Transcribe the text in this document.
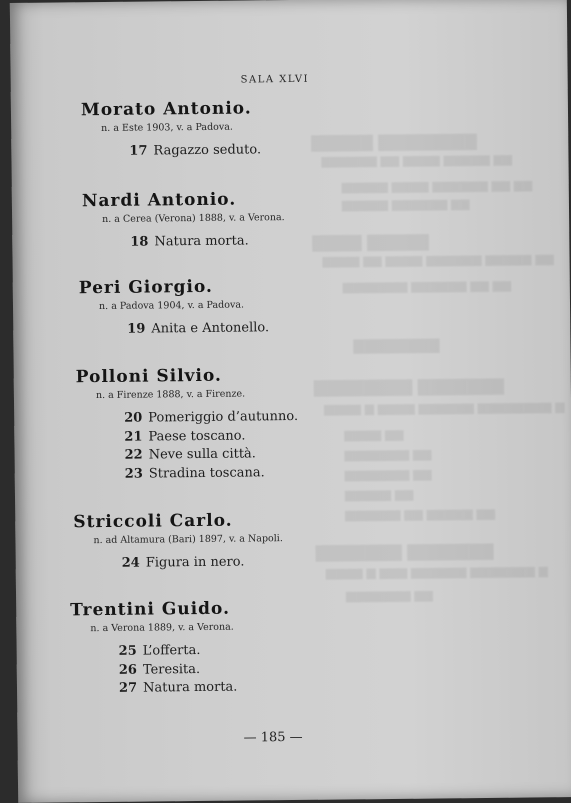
▇▇▇▇▇▇▇▇ ▇▇▇▇▇
▆▆ ▆▆▆▆▆ ▆▆▆▆ ▆▆ ▆▆▆▆▆▆
▆▆ ▆▆ ▆▆▆▆▆▆ ▆▆▆▆ ▆▆▆▆▆
▆▆ ▆▆▆▆▆▆ ▆▆▆▆▆
▇▇▇▇▇ ▇▇▇▇
▆▆ ▆▆▆▆▆ ▆▆▆▆▆▆ ▆▆▆▆ ▆▆ ▆▆▆▆
▆▆ ▆▆ ▆▆▆▆▆▆ ▆▆▆▆▆▆▆
▇▇▇▇▇▇▇▇
▇▇▇▇▇▇▇ ▇▇▇▇▇▇▇▇
▆ ▆▆▆▆▆▆▆▆ ▆▆▆▆▆▆ ▆▆▆▆ ▆ ▆▆▆▆
▆▆ ▆▆▆▆
▆▆ ▆▆▆▆▆▆▆
▆▆ ▆▆▆▆▆▆▆
▆▆ ▆▆▆▆▆
▆▆ ▆▆▆▆▆ ▆▆ ▆▆▆▆▆▆
▇▇▇▇▇▇▇ ▇▇▇▇▇▇▇
▆ ▆▆▆▆▆▆▆ ▆▆▆▆▆▆ ▆▆▆ ▆ ▆▆▆▆
▆▆ ▆▆▆▆▆▆▆
SALA XLVI
Morato Antonio.
n. a Este 1903, v. a Padova.
17 Ragazzo seduto.
Nardi Antonio.
n. a Cerea (Verona) 1888, v. a Verona.
18 Natura morta.
Peri Giorgio.
n. a Padova 1904, v. a Padova.
19 Anita e Antonello.
Polloni Silvio.
n. a Firenze 1888, v. a Firenze.
20 Pomeriggio d’autunno.
21 Paese toscano.
22 Neve sulla città.
23 Stradina toscana.
Striccoli Carlo.
n. ad Altamura (Bari) 1897, v. a Napoli.
24 Figura in nero.
Trentini Guido.
n. a Verona 1889, v. a Verona.
25 L’offerta.
26 Teresita.
27 Natura morta.
— 185 —
